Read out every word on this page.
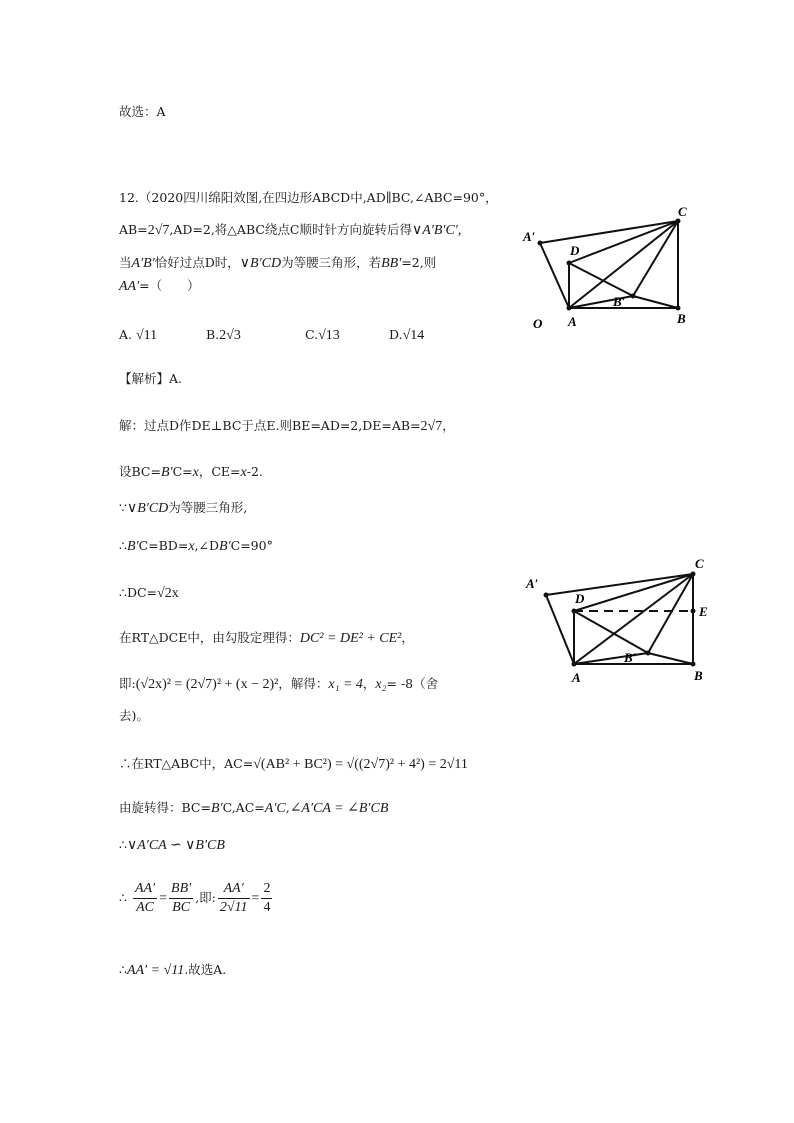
故选：A
12.（2020四川绵阳效图,在四边形ABCD中,AD∥BC,∠ABC=90°，
AB=2√7,AD=2,将△ABC绕点C顺时针方向旋转后得∨A′B′C′,
当A′B′恰好过点D时，∨B′CD为等腰三角形，若BB′=2,则
AA′=（　　）
A. √11	B.2√3	C.√13	D.√14
A′
C
D
B′
O A	B
【解析】A.
解：过点D作DE⊥BC于点E.则BE=AD=2,DE=AB=2√7，
设BC=B′C=x，CE=x-2.
∵∨B′CD为等腰三角形,
∴B′C=BD=x,∠DB′C=90°
∴DC=√2x
在RT△DCE中，由勾股定理得：DC² = DE² + CE²，
即:(√2x)² = (2√7)² + (x − 2)²，解得：x₁ = 4，x₂= -8（舍
去)。
∴在RT△ABC中，AC=√(AB² + BC²) = √((2√7)² + 4²) = 2√11
由旋转得：BC=B′C,AC=A′C,∠A′CA = ∠B′CB
∴∨A′CA ∽ ∨B′CB
∴ $\frac{AA'}{AC} = \frac{BB'}{BC}$ ,即: $\frac{AA'}{2√11} = \frac{2}{4}$
∴AA′ = √11.故选A.
A′
C
D
E
B′
A	B
